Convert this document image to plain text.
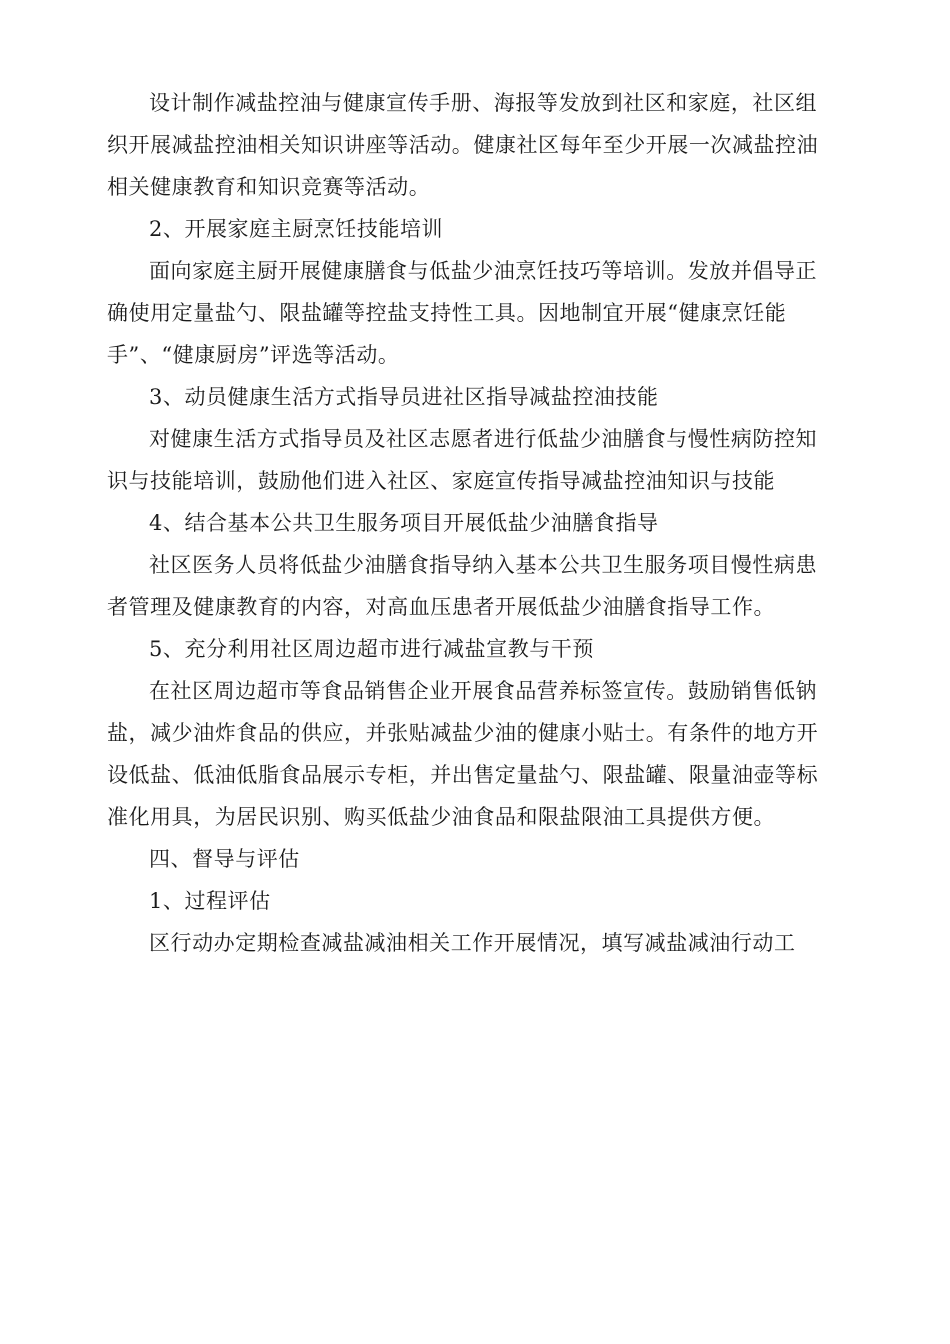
设计制作减盐控油与健康宣传手册、海报等发放到社区和家庭，社区组
织开展减盐控油相关知识讲座等活动。健康社区每年至少开展一次减盐控油
相关健康教育和知识竞赛等活动。
2、开展家庭主厨烹饪技能培训
面向家庭主厨开展健康膳食与低盐少油烹饪技巧等培训。发放并倡导正
确使用定量盐勺、限盐罐等控盐支持性工具。因地制宜开展“健康烹饪能
手”、“健康厨房”评选等活动。
3、动员健康生活方式指导员进社区指导减盐控油技能
对健康生活方式指导员及社区志愿者进行低盐少油膳食与慢性病防控知
识与技能培训，鼓励他们进入社区、家庭宣传指导减盐控油知识与技能
4、结合基本公共卫生服务项目开展低盐少油膳食指导
社区医务人员将低盐少油膳食指导纳入基本公共卫生服务项目慢性病患
者管理及健康教育的内容，对高血压患者开展低盐少油膳食指导工作。
5、充分利用社区周边超市进行减盐宣教与干预
在社区周边超市等食品销售企业开展食品营养标签宣传。鼓励销售低钠
盐，减少油炸食品的供应，并张贴减盐少油的健康小贴士。有条件的地方开
设低盐、低油低脂食品展示专柜，并出售定量盐勺、限盐罐、限量油壶等标
准化用具，为居民识别、购买低盐少油食品和限盐限油工具提供方便。
四、督导与评估
1、过程评估
区行动办定期检查减盐减油相关工作开展情况，填写减盐减油行动工
